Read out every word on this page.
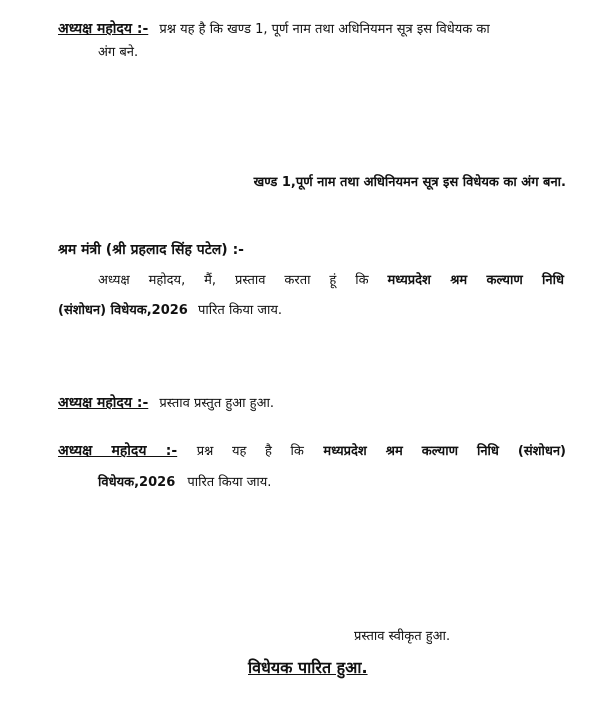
अध्यक्ष महोदय :- प्रश्न यह है कि खण्ड 1, पूर्ण नाम तथा अधिनियमन सूत्र इस विधेयक का
अंग बने.
खण्ड 1,पूर्ण नाम तथा अधिनियमन सूत्र इस विधेयक का अंग बना.
श्रम मंत्री (श्री प्रहलाद सिंह पटेल) :-
अध्यक्ष महोदय, मैं, प्रस्ताव करता हूं कि मध्यप्रदेश श्रम कल्याण निधि
(संशोधन) विधेयक,2026 पारित किया जाय.
अध्यक्ष महोदय :- प्रस्ताव प्रस्तुत हुआ हुआ.
अध्यक्ष महोदय :- प्रश्न यह है कि मध्यप्रदेश श्रम कल्याण निधि (संशोधन)
विधेयक,2026 पारित किया जाय.
प्रस्ताव स्वीकृत हुआ.
विधेयक पारित हुआ.
